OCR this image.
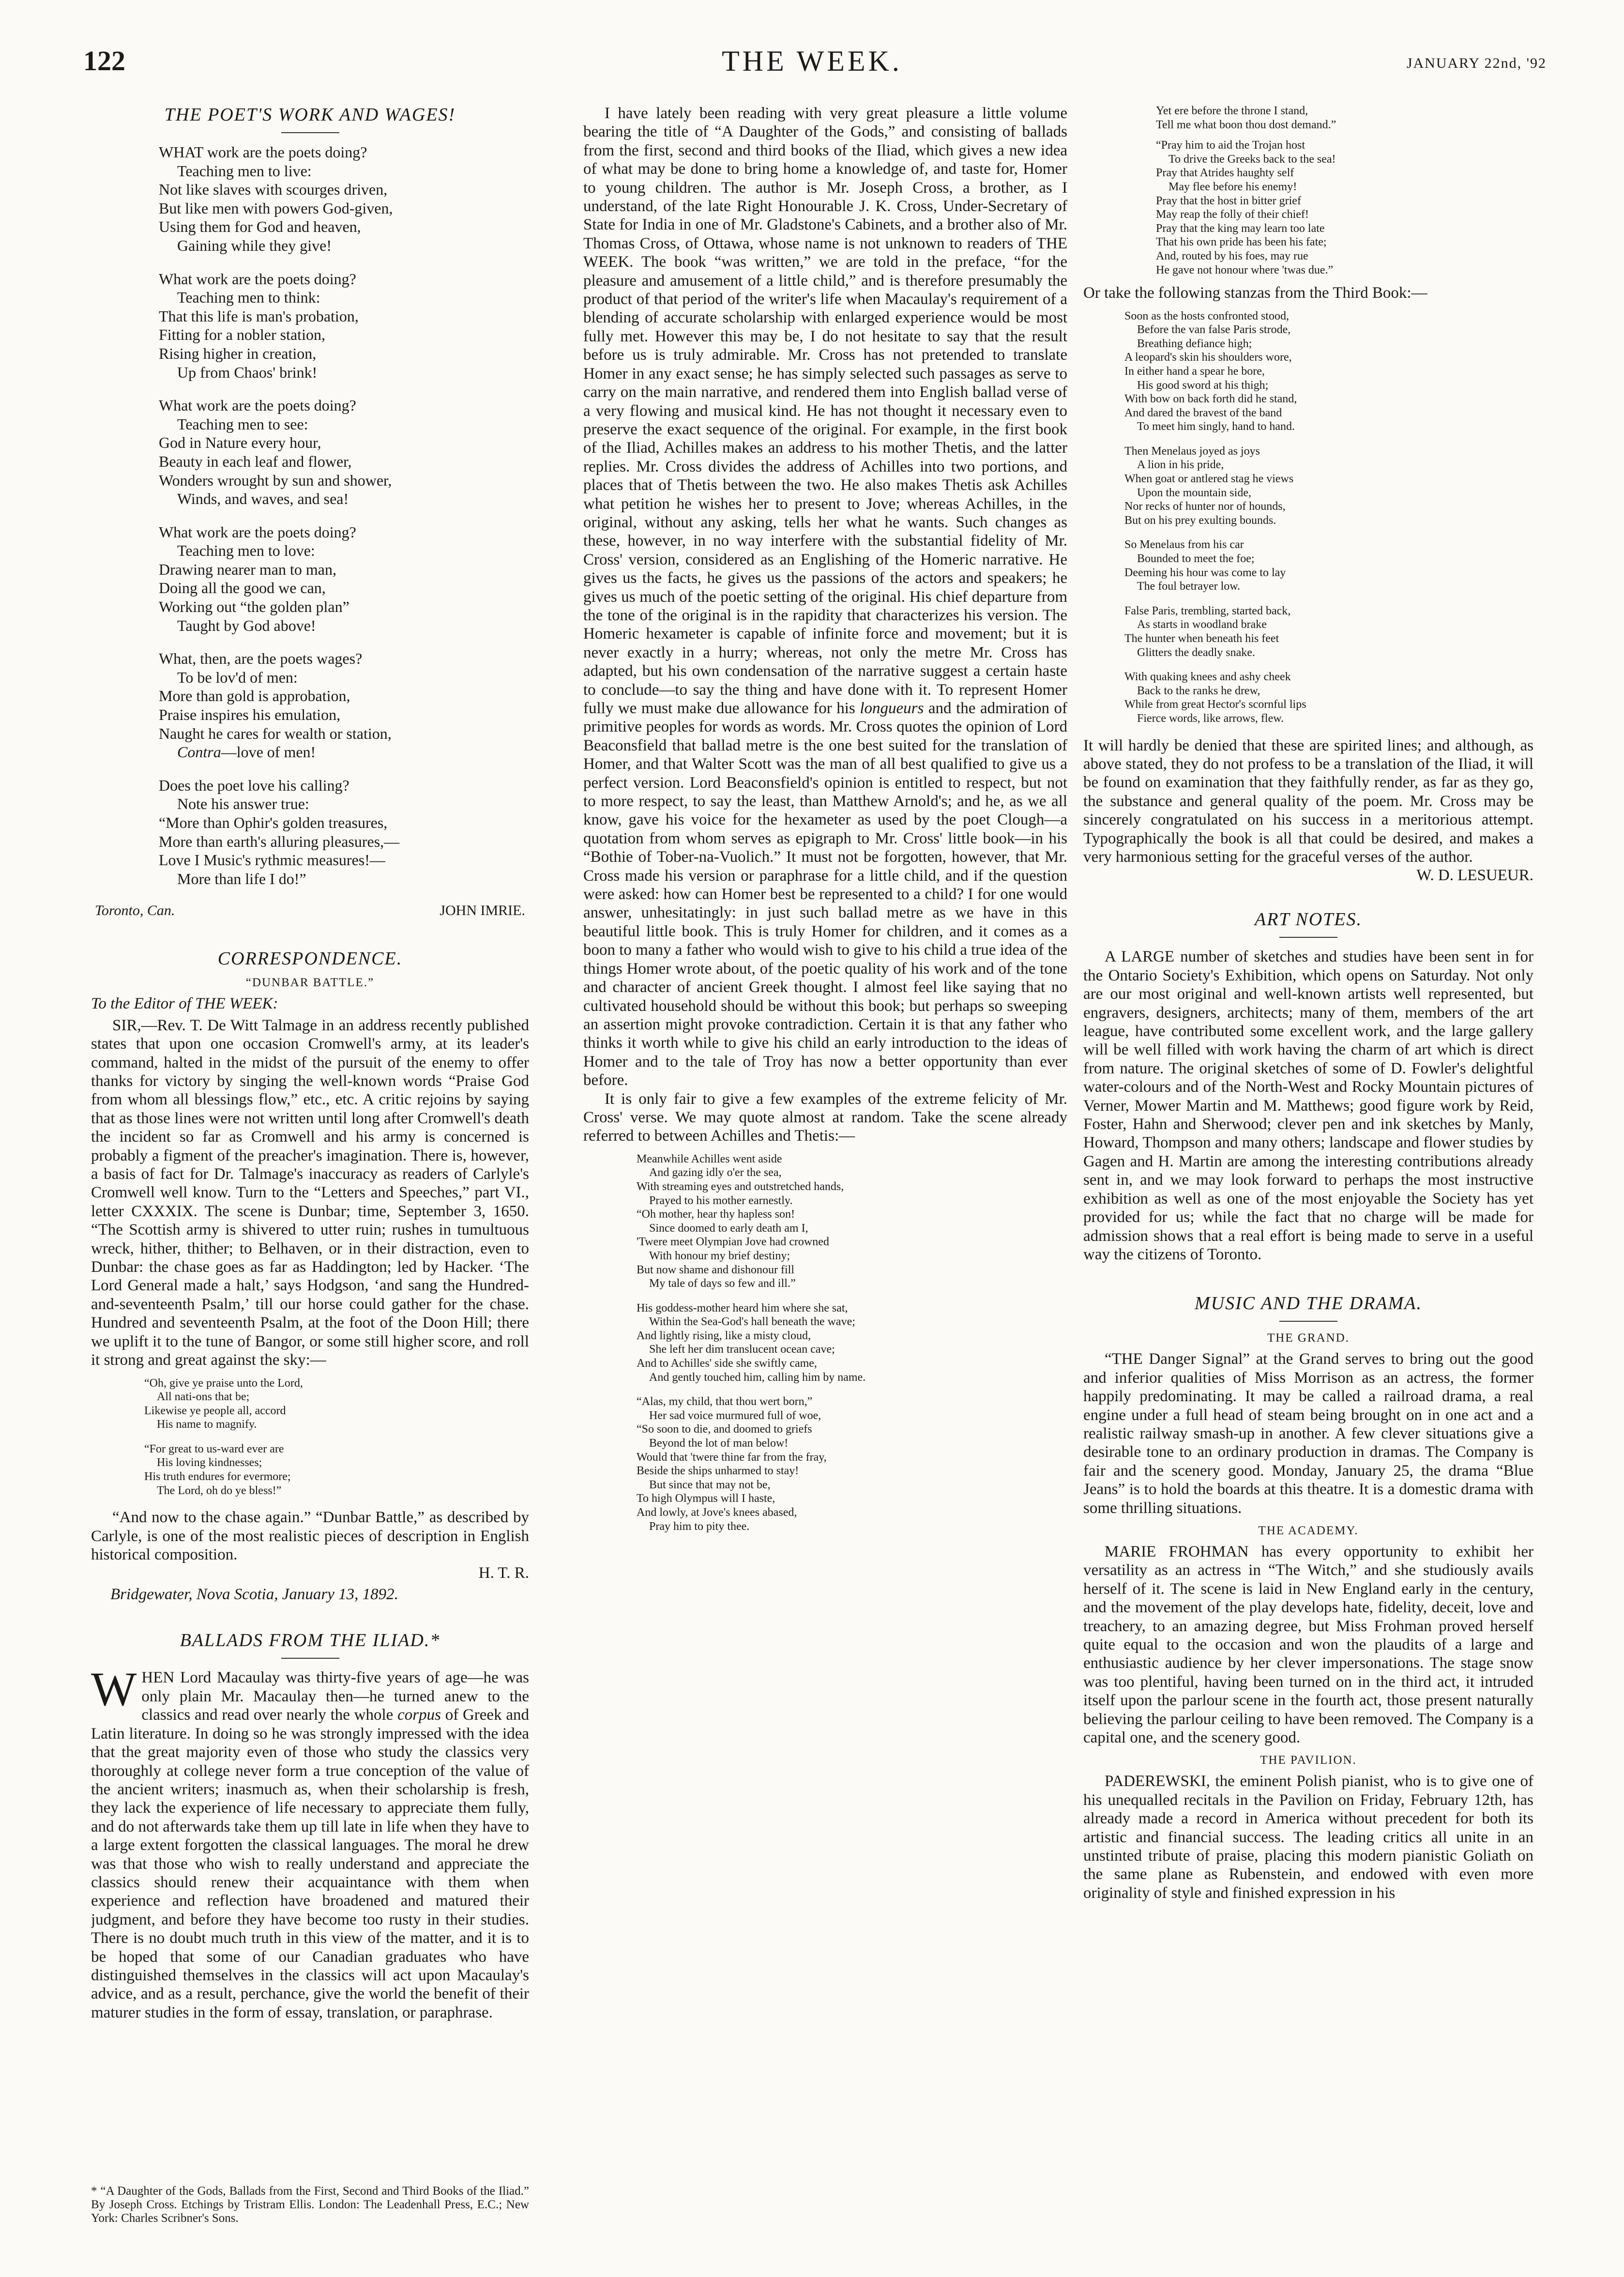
122	THE WEEK.	JANUARY 22nd, '92
THE POET'S WORK AND WAGES!
WHAT work are the poets doing?
Teaching men to live:
Not like slaves with scourges driven,
But like men with powers God-given,
Using them for God and heaven,
Gaining while they give!
What work are the poets doing?
Teaching men to think:
That this life is man's probation,
Fitting for a nobler station,
Rising higher in creation,
Up from Chaos' brink!
What work are the poets doing?
Teaching men to see:
God in Nature every hour,
Beauty in each leaf and flower,
Wonders wrought by sun and shower,
Winds, and waves, and sea!
What work are the poets doing?
Teaching men to love:
Drawing nearer man to man,
Doing all the good we can,
Working out “the golden plan”
Taught by God above!
What, then, are the poets wages?
To be lov'd of men:
More than gold is approbation,
Praise inspires his emulation,
Naught he cares for wealth or station,
Contra—love of men!
Does the poet love his calling?
Note his answer true:
“More than Ophir's golden treasures,
More than earth's alluring pleasures,—
Love I Music's rythmic measures!—
More than life I do!”
Toronto, Can.	JOHN IMRIE.
CORRESPONDENCE.
“DUNBAR BATTLE.”

To the Editor of THE WEEK:

SIR,—Rev. T. De Witt Talmage in an address recently published states that upon one occasion Cromwell's army, at its leader's command, halted in the midst of the pursuit of the enemy to offer thanks for victory by singing the well-known words “Praise God from whom all blessings flow,” etc., etc. A critic rejoins by saying that as those lines were not written until long after Cromwell's death the incident so far as Cromwell and his army is concerned is probably a figment of the preacher's imagination. There is, however, a basis of fact for Dr. Talmage's inaccuracy as readers of Carlyle's Cromwell well know. Turn to the “Letters and Speeches,” part VI., letter CXXXIX. The scene is Dunbar; time, September 3, 1650. “The Scottish army is shivered to utter ruin; rushes in tumultuous wreck, hither, thither; to Belhaven, or in their distraction, even to Dunbar: the chase goes as far as Haddington; led by Hacker. ‘The Lord General made a halt,’ says Hodgson, ‘and sang the Hundred-and-seventeenth Psalm,’ till our horse could gather for the chase. Hundred and seventeenth Psalm, at the foot of the Doon Hill; there we uplift it to the tune of Bangor, or some still higher score, and roll it strong and great against the sky:—

“Oh, give ye praise unto the Lord,
All nati-ons that be;
Likewise ye people all, accord
His name to magnify.
“For great to us-ward ever are
His loving kindnesses;
His truth endures for evermore;
The Lord, oh do ye bless!”

“And now to the chase again.” “Dunbar Battle,” as described by Carlyle, is one of the most realistic pieces of description in English historical composition.

H. T. R.
Bridgewater, Nova Scotia, January 13, 1892.
BALLADS FROM THE ILIAD.*
W HEN Lord Macaulay was thirty-five years of age—he was only plain Mr. Macaulay then—he turned anew to the classics and read over nearly the whole corpus of Greek and Latin literature. In doing so he was strongly impressed with the idea that the great majority even of those who study the classics very thoroughly at college never form a true conception of the value of the ancient writers; inasmuch as, when their scholarship is fresh, they lack the experience of life necessary to appreciate them fully, and do not afterwards take them up till late in life when they have to a large extent forgotten the classical languages. The moral he drew was that those who wish to really understand and appreciate the classics should renew their acquaintance with them when experience and reflection have broadened and matured their judgment, and before they have become too rusty in their studies. There is no doubt much truth in this view of the matter, and it is to be hoped that some of our Canadian graduates who have distinguished themselves in the classics will act upon Macaulay's advice, and as a result, perchance, give the world the benefit of their maturer studies in the form of essay, translation, or paraphrase.

I have lately been reading with very great pleasure a little volume bearing the title of “A Daughter of the Gods,” and consisting of ballads from the first, second and third books of the Iliad, which gives a new idea of what may be done to bring home a knowledge of, and taste for, Homer to young children. The author is Mr. Joseph Cross, a brother, as I understand, of the late Right Honourable J. K. Cross, Under-Secretary of State for India in one of Mr. Gladstone's Cabinets, and a brother also of Mr. Thomas Cross, of Ottawa, whose name is not unknown to readers of THE WEEK. The book “was written,” we are told in the preface, “for the pleasure and amusement of a little child,” and is therefore presumably the product of that period of the writer's life when Macaulay's requirement of a blending of accurate scholarship with enlarged experience would be most fully met. However this may be, I do not hesitate to say that the result before us is truly admirable. Mr. Cross has not pretended to translate Homer in any exact sense; he has simply selected such passages as serve to carry on the main narrative, and rendered them into English ballad verse of a very flowing and musical kind. He has not thought it necessary even to preserve the exact sequence of the original. For example, in the first book of the Iliad, Achilles makes an address to his mother Thetis, and the latter replies. Mr. Cross divides the address of Achilles into two portions, and places that of Thetis between the two. He also makes Thetis ask Achilles what petition he wishes her to present to Jove; whereas Achilles, in the original, without any asking, tells her what he wants. Such changes as these, however, in no way interfere with the substantial fidelity of Mr. Cross' version, considered as an Englishing of the Homeric narrative. He gives us the facts, he gives us the passions of the actors and speakers; he gives us much of the poetic setting of the original. His chief departure from the tone of the original is in the rapidity that characterizes his version. The Homeric hexameter is capable of infinite force and movement; but it is never exactly in a hurry; whereas, not only the metre Mr. Cross has adapted, but his own condensation of the narrative suggest a certain haste to conclude—to say the thing and have done with it. To represent Homer fully we must make due allowance for his longueurs and the admiration of primitive peoples for words as words. Mr. Cross quotes the opinion of Lord Beaconsfield that ballad metre is the one best suited for the translation of Homer, and that Walter Scott was the man of all best qualified to give us a perfect version. Lord Beaconsfield's opinion is entitled to respect, but not to more respect, to say the least, than Matthew Arnold's; and he, as we all know, gave his voice for the hexameter as used by the poet Clough—a quotation from whom serves as epigraph to Mr. Cross' little book—in his “Bothie of Tober-na-Vuolich.” It must not be forgotten, however, that Mr. Cross made his version or paraphrase for a little child, and if the question were asked: how can Homer best be represented to a child? I for one would answer, unhesitatingly: in just such ballad metre as we have in this beautiful little book. This is truly Homer for children, and it comes as a boon to many a father who would wish to give to his child a true idea of the things Homer wrote about, of the poetic quality of his work and of the tone and character of ancient Greek thought. I almost feel like saying that no cultivated household should be without this book; but perhaps so sweeping an assertion might provoke contradiction. Certain it is that any father who thinks it worth while to give his child an early introduction to the ideas of Homer and to the tale of Troy has now a better opportunity than ever before.

It is only fair to give a few examples of the extreme felicity of Mr. Cross' verse. We may quote almost at random. Take the scene already referred to between Achilles and Thetis:—

Meanwhile Achilles went aside
And gazing idly o'er the sea,
With streaming eyes and outstretched hands,
Prayed to his mother earnestly.
“Oh mother, hear thy hapless son!
Since doomed to early death am I,
'Twere meet Olympian Jove had crowned
With honour my brief destiny;
But now shame and dishonour fill
My tale of days so few and ill.”
His goddess-mother heard him where she sat,
Within the Sea-God's hall beneath the wave;
And lightly rising, like a misty cloud,
She left her dim translucent ocean cave;
And to Achilles' side she swiftly came,
And gently touched him, calling him by name.
“Alas, my child, that thou wert born,”
Her sad voice murmured full of woe,
“So soon to die, and doomed to griefs
Beyond the lot of man below!
Would that 'twere thine far from the fray,
Beside the ships unharmed to stay!
But since that may not be,
To high Olympus will I haste,
And lowly, at Jove's knees abased,
Pray him to pity thee.
Yet ere before the throne I stand,
Tell me what boon thou dost demand.”
“Pray him to aid the Trojan host
To drive the Greeks back to the sea!
Pray that Atrides haughty self
May flee before his enemy!
Pray that the host in bitter grief
May reap the folly of their chief!
Pray that the king may learn too late
That his own pride has been his fate;
And, routed by his foes, may rue
He gave not honour where 'twas due.”

Or take the following stanzas from the Third Book:—

Soon as the hosts confronted stood,
Before the van false Paris strode,
Breathing defiance high;
A leopard's skin his shoulders wore,
In either hand a spear he bore,
His good sword at his thigh;
With bow on back forth did he stand,
And dared the bravest of the band
To meet him singly, hand to hand.
Then Menelaus joyed as joys
A lion in his pride,
When goat or antlered stag he views
Upon the mountain side,
Nor recks of hunter nor of hounds,
But on his prey exulting bounds.
So Menelaus from his car
Bounded to meet the foe;
Deeming his hour was come to lay
The foul betrayer low.
False Paris, trembling, started back,
As starts in woodland brake
The hunter when beneath his feet
Glitters the deadly snake.
With quaking knees and ashy cheek
Back to the ranks he drew,
While from great Hector's scornful lips
Fierce words, like arrows, flew.

It will hardly be denied that these are spirited lines; and although, as above stated, they do not profess to be a translation of the Iliad, it will be found on examination that they faithfully render, as far as they go, the substance and general quality of the poem. Mr. Cross may be sincerely congratulated on his success in a meritorious attempt. Typographically the book is all that could be desired, and makes a very harmonious setting for the graceful verses of the author.

W. D. LESUEUR.
ART NOTES.

A LARGE number of sketches and studies have been sent in for the Ontario Society's Exhibition, which opens on Saturday. Not only are our most original and well-known artists well represented, but engravers, designers, architects; many of them, members of the art league, have contributed some excellent work, and the large gallery will be well filled with work having the charm of art which is direct from nature. The original sketches of some of D. Fowler's delightful water-colours and of the North-West and Rocky Mountain pictures of Verner, Mower Martin and M. Matthews; good figure work by Reid, Foster, Hahn and Sherwood; clever pen and ink sketches by Manly, Howard, Thompson and many others; landscape and flower studies by Gagen and H. Martin are among the interesting contributions already sent in, and we may look forward to perhaps the most instructive exhibition as well as one of the most enjoyable the Society has yet provided for us; while the fact that no charge will be made for admission shows that a real effort is being made to serve in a useful way the citizens of Toronto.

MUSIC AND THE DRAMA.
THE GRAND.

“THE Danger Signal” at the Grand serves to bring out the good and inferior qualities of Miss Morrison as an actress, the former happily predominating. It may be called a railroad drama, a real engine under a full head of steam being brought on in one act and a realistic railway smash-up in another. A few clever situations give a desirable tone to an ordinary production in dramas. The Company is fair and the scenery good. Monday, January 25, the drama “Blue Jeans” is to hold the boards at this theatre. It is a domestic drama with some thrilling situations.

THE ACADEMY.

MARIE FROHMAN has every opportunity to exhibit her versatility as an actress in “The Witch,” and she studiously avails herself of it. The scene is laid in New England early in the century, and the movement of the play develops hate, fidelity, deceit, love and treachery, to an amazing degree, but Miss Frohman proved herself quite equal to the occasion and won the plaudits of a large and enthusiastic audience by her clever impersonations. The stage snow was too plentiful, having been turned on in the third act, it intruded itself upon the parlour scene in the fourth act, those present naturally believing the parlour ceiling to have been removed. The Company is a capital one, and the scenery good.

THE PAVILION.

PADEREWSKI, the eminent Polish pianist, who is to give one of his unequalled recitals in the Pavilion on Friday, February 12th, has already made a record in America without precedent for both its artistic and financial success. The leading critics all unite in an unstinted tribute of praise, placing this modern pianistic Goliath on the same plane as Rubenstein, and endowed with even more originality of style and finished expression in his

* “A Daughter of the Gods, Ballads from the First, Second and Third Books of the Iliad.” By Joseph Cross. Etchings by Tristram Ellis. London: The Leadenhall Press, E.C.; New York: Charles Scribner's Sons.
